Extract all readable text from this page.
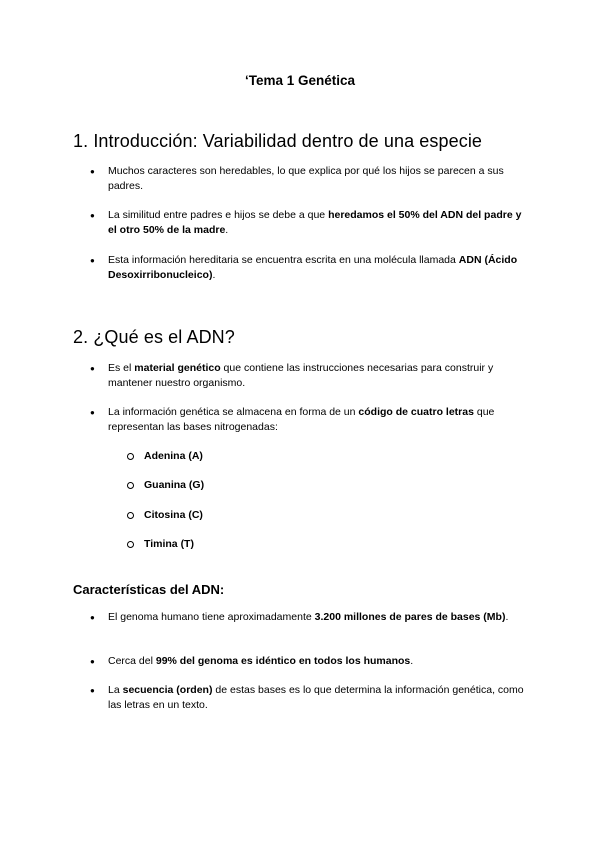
‘Tema 1 Genética
1. Introducción: Variabilidad dentro de una especie
●	Muchos caracteres son heredables, lo que explica por qué los hijos se parecen a sus padres.
●	La similitud entre padres e hijos se debe a que heredamos el 50% del ADN del padre y el otro 50% de la madre.
●	Esta información hereditaria se encuentra escrita en una molécula llamada ADN (Ácido Desoxirribonucleico).
2. ¿Qué es el ADN?
●	Es el material genético que contiene las instrucciones necesarias para construir y mantener nuestro organismo.
●	La información genética se almacena en forma de un código de cuatro letras que representan las bases nitrogenadas:
Adenina (A)
Guanina (G)
Citosina (C)
Timina (T)
Características del ADN:
●	El genoma humano tiene aproximadamente 3.200 millones de pares de bases (Mb).
●	Cerca del 99% del genoma es idéntico en todos los humanos.
●	La secuencia (orden) de estas bases es lo que determina la información genética, como las letras en un texto.
